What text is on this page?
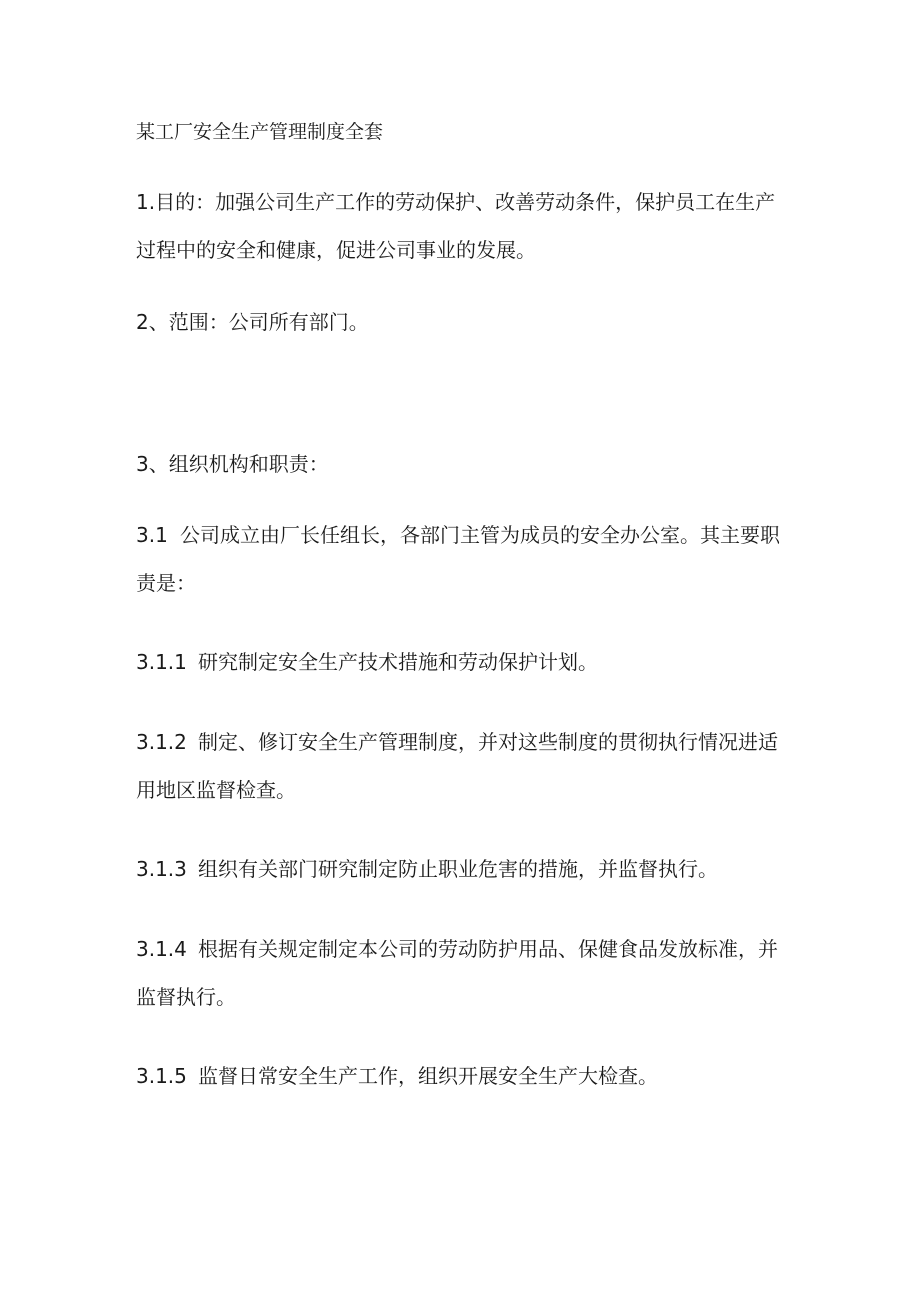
某工厂安全生产管理制度全套
1.目的：加强公司生产工作的劳动保护、改善劳动条件，保护员工在生产
过程中的安全和健康，促进公司事业的发展。
2、范围：公司所有部门。
3、组织机构和职责：
3.1 公司成立由厂长任组长，各部门主管为成员的安全办公室。其主要职
责是：
3.1.1 研究制定安全生产技术措施和劳动保护计划。
3.1.2 制定、修订安全生产管理制度，并对这些制度的贯彻执行情况进适
用地区监督检查。
3.1.3 组织有关部门研究制定防止职业危害的措施，并监督执行。
3.1.4 根据有关规定制定本公司的劳动防护用品、保健食品发放标准，并
监督执行。
3.1.5 监督日常安全生产工作，组织开展安全生产大检查。
